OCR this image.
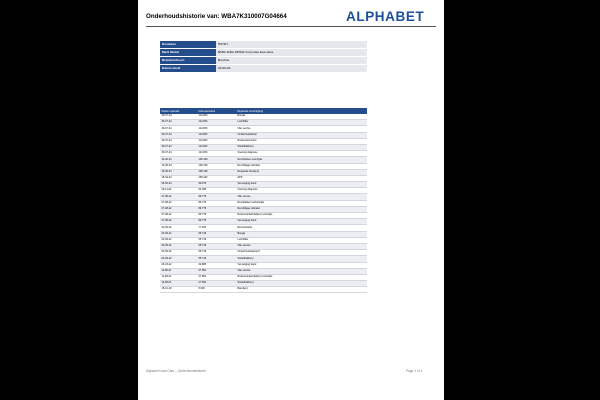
Onderhoudshistorie van: WBA7K310007G04664	ALPHABET
Kenteken	H572H
Merk Model	BMW 118iA 185kW Corporate Executive
Brandstofsoort	Benzine
Datum deel1	03-06-20
Datum reparatie	Kilometerstand	Reparatie omschrijving
30-07-24	114.963	Bougie
30-07-24	114.963	Luchtfilter
30-07-24	114.963	Olie service
30-07-24	114.963	Onderhoudsboe(i
30-07-24	114.963	Ruitensreinmotor
30-07-24	114.963	Stookfbakhen)
30-07-24	114.963	Voertuig diagnose
13-06-34	108.129	Remblokken voorzijde
13-06-34	108.129	Remdlijage indicator
13-06-34	108.129	Reparatie band(en)
16-04-24	105.222	APK
06-02-24	99.275	Vervanging band
20-11-22	94.385	Voertuig diagnose
07-08-22	89.779	Olie service
07-08-22	89.779	Remblokken achterzijde
07-08-22	89.779	Remdlijage indicator
07-08-22	89.779	Ruitenreinderblad(en) voorzijde
07-08-22	89.779	Vervanging band
02-05-22	77.000	Remvloeistof
03-09-22	55.719	Bougie
03-09-22	55.719	Luchtfilter
03-09-22	55.719	Olie service
03-09-22	55.719	Onderhoudsadvies?
03-09-22	55.719	Stookfbakhen)
23-03-22	42.883	Vervanging band
11-08-21	27.891	Olie service
11-08-21	27.891	Ruitenreinderblad(en) voorzijde
11-08-21	27.891	Stookfbakhen)
15-10-20	5.000	Band(en)
Alphabet Lead Care – Onderhoudshistorie	Page 1 of 1
